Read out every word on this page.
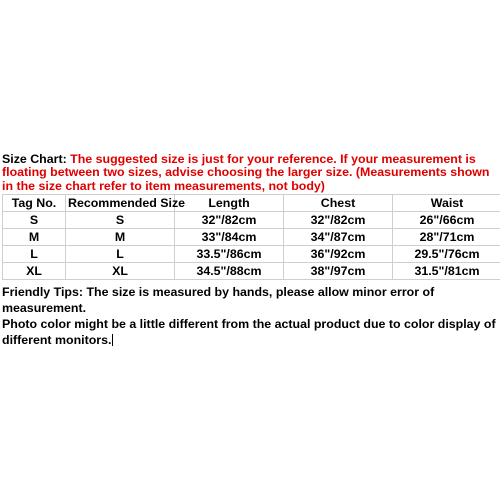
Size Chart: The suggested size is just for your reference. If your measurement is floating between two sizes, advise choosing the larger size. (Measurements shown in the size chart refer to item measurements, not body)

Tag No.	Recommended Size	Length	Chest	Waist
S	S	32"/82cm	32"/82cm	26"/66cm
M	M	33"/84cm	34"/87cm	28"/71cm
L	L	33.5"/86cm	36"/92cm	29.5"/76cm
XL	XL	34.5"/88cm	38"/97cm	31.5"/81cm

Friendly Tips: The size is measured by hands, please allow minor error of measurement.
Photo color might be a little different from the actual product due to color display of different monitors.
